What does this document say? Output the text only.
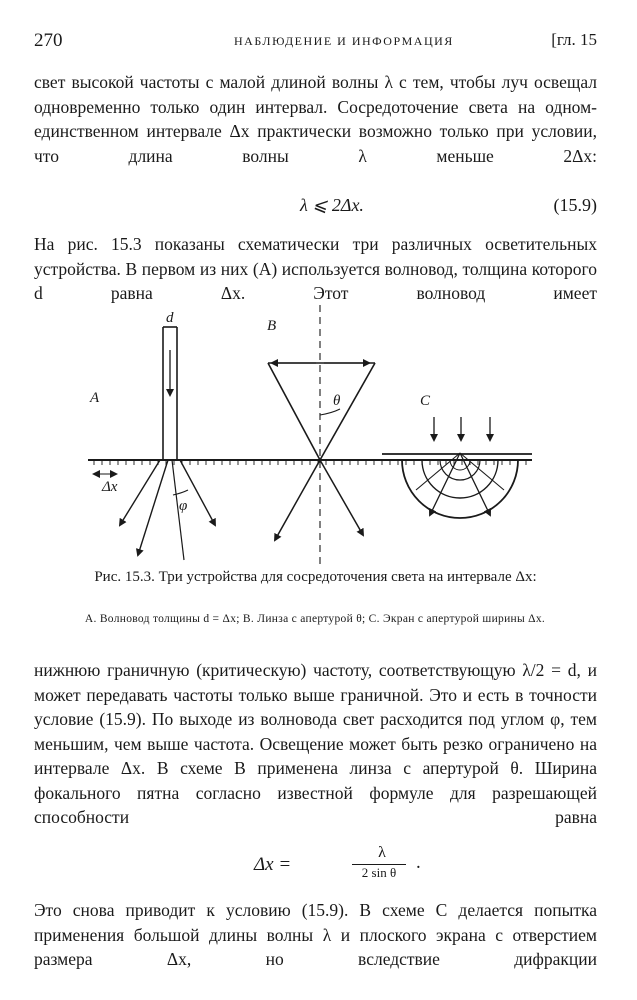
270	НАБЛЮДЕНИЕ И ИНФОРМАЦИЯ	[гл. 15
свет высокой частоты с малой длиной волны λ с тем, чтобы луч освещал одновременно только один интервал. Сосредоточение света на одном-единственном интервале Δx практически возможно только при условии, что длина волны λ меньше 2Δx:
λ ⩽ 2Δx.	(15.9)
На рис. 15.3 показаны схематически три различных осветительных устройства. В первом из них (А) используется волновод, толщина которого d равна Δx. Этот волновод имеет
A
B
C
d
Δx
φ
θ
Рис. 15.3. Три устройства для сосредоточения света на интервале Δx:
A. Волновод толщины d = Δx; B. Линза с апертурой θ; C. Экран с апертурой ширины Δx.
нижнюю граничную (критическую) частоту, соответствующую λ/2 = d, и может передавать частоты только выше граничной. Это и есть в точности условие (15.9). По выходе из волновода свет расходится под углом φ, тем меньшим, чем выше частота. Освещение может быть резко ограничено на интервале Δx. В схеме B применена линза с апертурой θ. Ширина фокального пятна согласно известной формуле для разрешающей способности равна
Δx =
λ
2 sin θ	.
Это снова приводит к условию (15.9). В схеме C делается попытка применения большой длины волны λ и плоского экрана с отверстием размера Δx, но вследствие дифракции
